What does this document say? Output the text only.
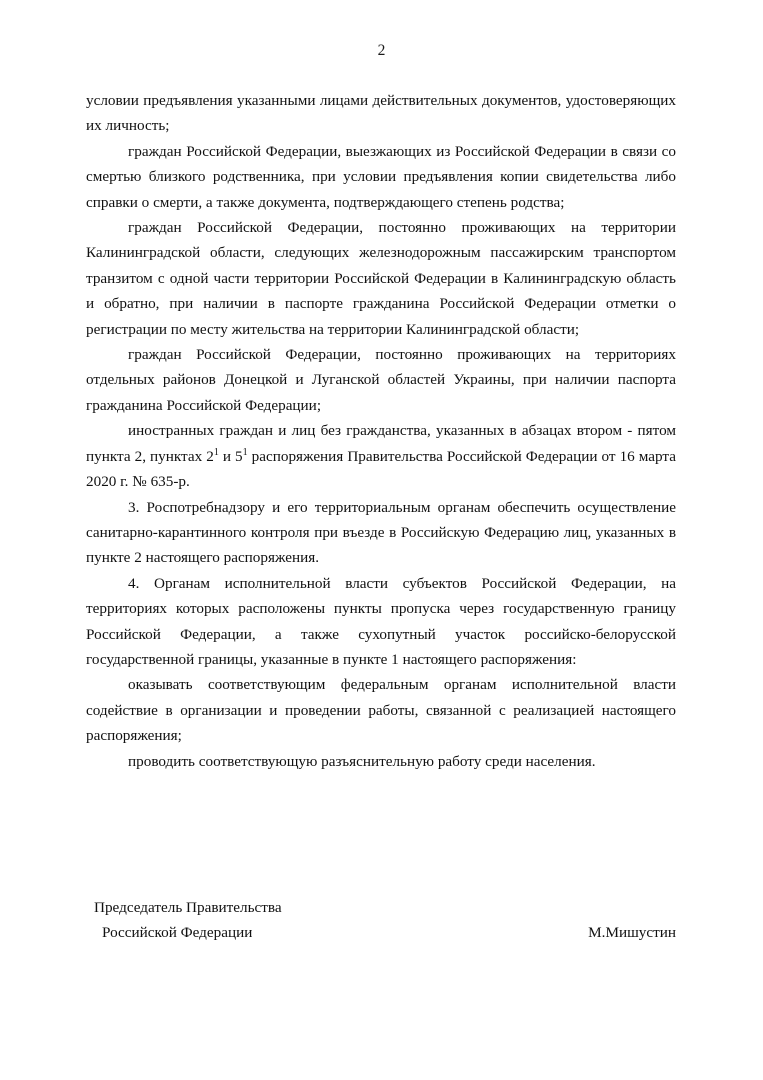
2

условии предъявления указанными лицами действительных документов, удостоверяющих их личность;

граждан Российской Федерации, выезжающих из Российской Федерации в связи со смертью близкого родственника, при условии предъявления копии свидетельства либо справки о смерти, а также документа, подтверждающего степень родства;

граждан Российской Федерации, постоянно проживающих на территории Калининградской области, следующих железнодорожным пассажирским транспортом транзитом с одной части территории Российской Федерации в Калининградскую область и обратно, при наличии в паспорте гражданина Российской Федерации отметки о регистрации по месту жительства на территории Калининградской области;

граждан Российской Федерации, постоянно проживающих на территориях отдельных районов Донецкой и Луганской областей Украины, при наличии паспорта гражданина Российской Федерации;

иностранных граждан и лиц без гражданства, указанных в абзацах втором - пятом пункта 2, пунктах $2^1$ и $5^1$ распоряжения Правительства Российской Федерации от 16 марта 2020 г. № 635-р.

3. Роспотребнадзору и его территориальным органам обеспечить осуществление санитарно-карантинного контроля при въезде в Российскую Федерацию лиц, указанных в пункте 2 настоящего распоряжения.

4. Органам исполнительной власти субъектов Российской Федерации, на территориях которых расположены пункты пропуска через государственную границу Российской Федерации, а также сухопутный участок российско-белорусской государственной границы, указанные в пункте 1 настоящего распоряжения:

оказывать соответствующим федеральным органам исполнительной власти содействие в организации и проведении работы, связанной с реализацией настоящего распоряжения;

проводить соответствующую разъяснительную работу среди населения.

Председатель Правительства
Российской Федерации	М.Мишустин
